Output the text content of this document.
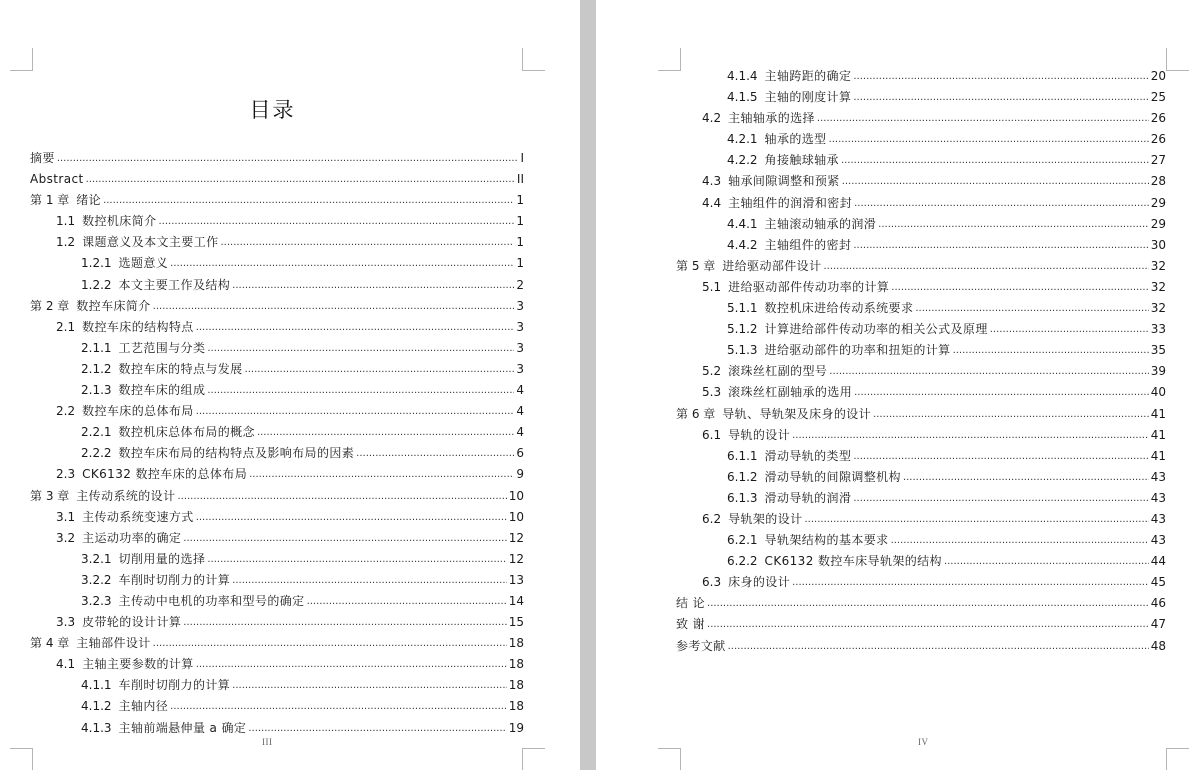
目录
摘要 .....	I
Abstract .....	II
第 1 章 绪论 .....	1
1.1 数控机床简介 .....	1
1.2 课题意义及本文主要工作 .....	1
1.2.1 选题意义 .....	1
1.2.2 本文主要工作及结构 .....	2
第 2 章 数控车床简介 .....	3
2.1 数控车床的结构特点 .....	3
2.1.1 工艺范围与分类 .....	3
2.1.2 数控车床的特点与发展 .....	3
2.1.3 数控车床的组成 .....	4
2.2 数控车床的总体布局 .....	4
2.2.1 数控机床总体布局的概念 .....	4
2.2.2 数控车床布局的结构特点及影响布局的因素 .....	6
2.3 CK6132 数控车床的总体布局 .....	9
第 3 章 主传动系统的设计 .....	10
3.1 主传动系统变速方式 .....	10
3.2 主运动功率的确定 .....	12
3.2.1 切削用量的选择 .....	12
3.2.2 车削时切削力的计算 .....	13
3.2.3 主传动中电机的功率和型号的确定 .....	14
3.3 皮带轮的设计计算 .....	15
第 4 章 主轴部件设计 .....	18
4.1 主轴主要参数的计算 .....	18
4.1.1 车削时切削力的计算 .....	18
4.1.2 主轴内径 .....	18
4.1.3 主轴前端悬伸量 a 确定 .....	19
III
4.1.4 主轴跨距的确定 .....	20
4.1.5 主轴的刚度计算 .....	25
4.2 主轴轴承的选择 .....	26
4.2.1 轴承的选型 .....	26
4.2.2 角接触球轴承 .....	27
4.3 轴承间隙调整和预紧 .....	28
4.4 主轴组件的润滑和密封 .....	29
4.4.1 主轴滚动轴承的润滑 .....	29
4.4.2 主轴组件的密封 .....	30
第 5 章 进给驱动部件设计 .....	32
5.1 进给驱动部件传动功率的计算 .....	32
5.1.1 数控机床进给传动系统要求 .....	32
5.1.2 计算进给部件传动功率的相关公式及原理 .....	33
5.1.3 进给驱动部件的功率和扭矩的计算 .....	35
5.2 滚珠丝杠副的型号 .....	39
5.3 滚珠丝杠副轴承的选用 .....	40
第 6 章 导轨、导轨架及床身的设计 .....	41
6.1 导轨的设计 .....	41
6.1.1 滑动导轨的类型 .....	41
6.1.2 滑动导轨的间隙调整机构 .....	43
6.1.3 滑动导轨的润滑 .....	43
6.2 导轨架的设计 .....	43
6.2.1 导轨架结构的基本要求 .....	43
6.2.2 CK6132 数控车床导轨架的结构 .....	44
6.3 床身的设计 .....	45
结 论 .....	46
致 谢 .....	47
参考文献 .....	48
IV
